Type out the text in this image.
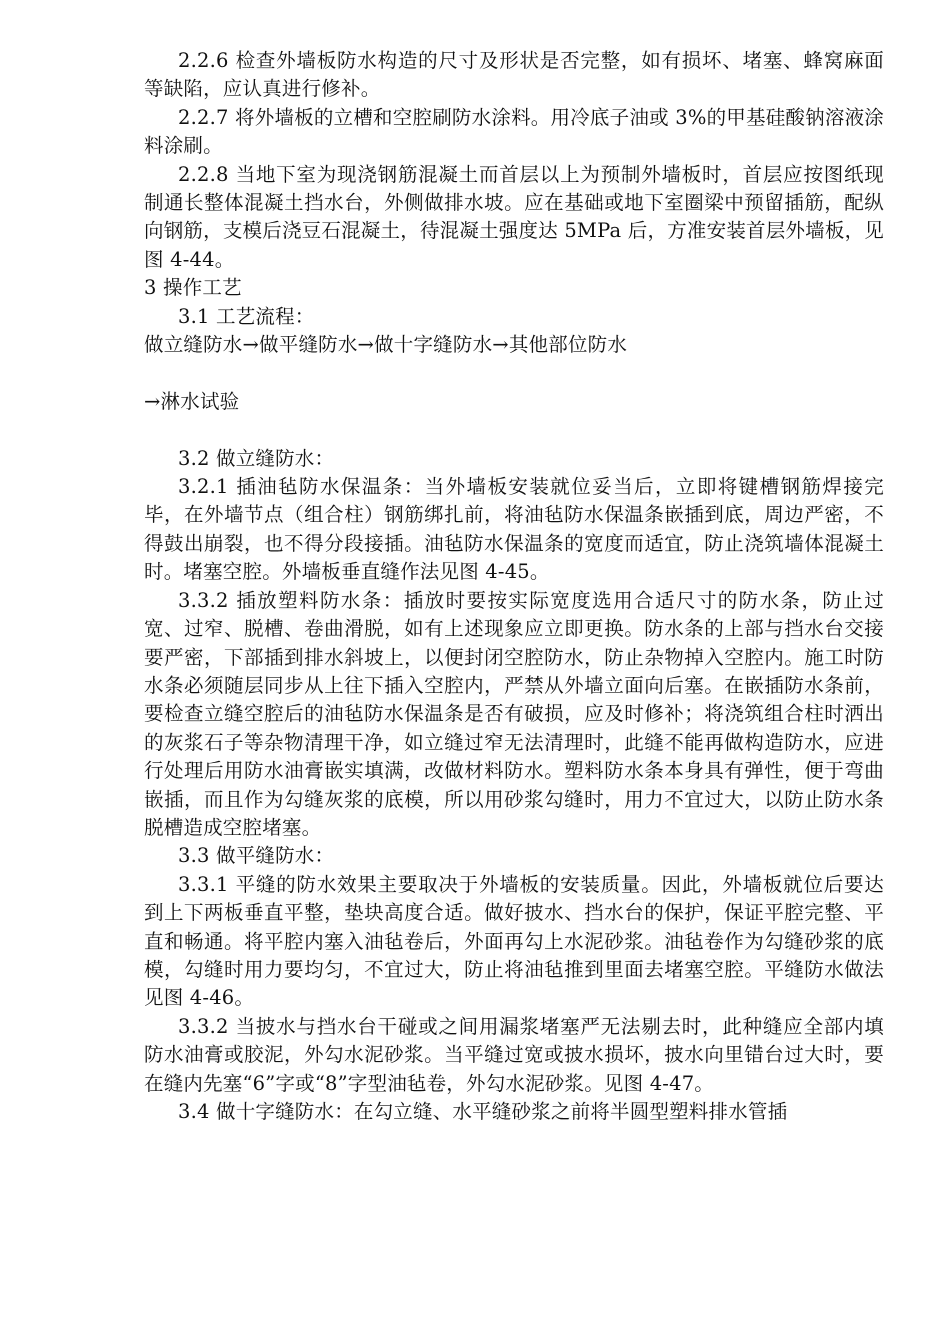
2.2.6 检查外墙板防水构造的尺寸及形状是否完整，如有损坏、堵塞、蜂窝麻面等缺陷，应认真进行修补。

2.2.7 将外墙板的立槽和空腔刷防水涂料。用冷底子油或 3%的甲基硅酸钠溶液涂料涂刷。

2.2.8 当地下室为现浇钢筋混凝土而首层以上为预制外墙板时，首层应按图纸现制通长整体混凝土挡水台，外侧做排水坡。应在基础或地下室圈梁中预留插筋，配纵向钢筋，支模后浇豆石混凝土，待混凝土强度达 5MPa 后，方准安装首层外墙板，见图 4-44。

3 操作工艺

3.1 工艺流程：

做立缝防水→做平缝防水→做十字缝防水→其他部位防水

→淋水试验

3.2 做立缝防水：

3.2.1 插油毡防水保温条：当外墙板安装就位妥当后，立即将键槽钢筋焊接完毕，在外墙节点（组合柱）钢筋绑扎前，将油毡防水保温条嵌插到底，周边严密，不得鼓出崩裂，也不得分段接插。油毡防水保温条的宽度而适宜，防止浇筑墙体混凝土时。堵塞空腔。外墙板垂直缝作法见图 4-45。

3.3.2 插放塑料防水条：插放时要按实际宽度选用合适尺寸的防水条，防止过宽、过窄、脱槽、卷曲滑脱，如有上述现象应立即更换。防水条的上部与挡水台交接要严密，下部插到排水斜坡上，以便封闭空腔防水，防止杂物掉入空腔内。施工时防水条必须随层同步从上往下插入空腔内，严禁从外墙立面向后塞。在嵌插防水条前，要检查立缝空腔后的油毡防水保温条是否有破损，应及时修补；将浇筑组合柱时洒出的灰浆石子等杂物清理干净，如立缝过窄无法清理时，此缝不能再做构造防水，应进行处理后用防水油膏嵌实填满，改做材料防水。塑料防水条本身具有弹性，便于弯曲嵌插，而且作为勾缝灰浆的底模，所以用砂浆勾缝时，用力不宜过大，以防止防水条脱槽造成空腔堵塞。

3.3 做平缝防水：

3.3.1 平缝的防水效果主要取决于外墙板的安装质量。因此，外墙板就位后要达到上下两板垂直平整，垫块高度合适。做好披水、挡水台的保护，保证平腔完整、平直和畅通。将平腔内塞入油毡卷后，外面再勾上水泥砂浆。油毡卷作为勾缝砂浆的底模，勾缝时用力要均匀，不宜过大，防止将油毡推到里面去堵塞空腔。平缝防水做法见图 4-46。

3.3.2 当披水与挡水台干碰或之间用漏浆堵塞严无法剔去时，此种缝应全部内填防水油膏或胶泥，外勾水泥砂浆。当平缝过宽或披水损坏，披水向里错台过大时，要在缝内先塞“6”字或“8”字型油毡卷，外勾水泥砂浆。见图 4-47。

3.4 做十字缝防水：在勾立缝、水平缝砂浆之前将半圆型塑料排水管插
